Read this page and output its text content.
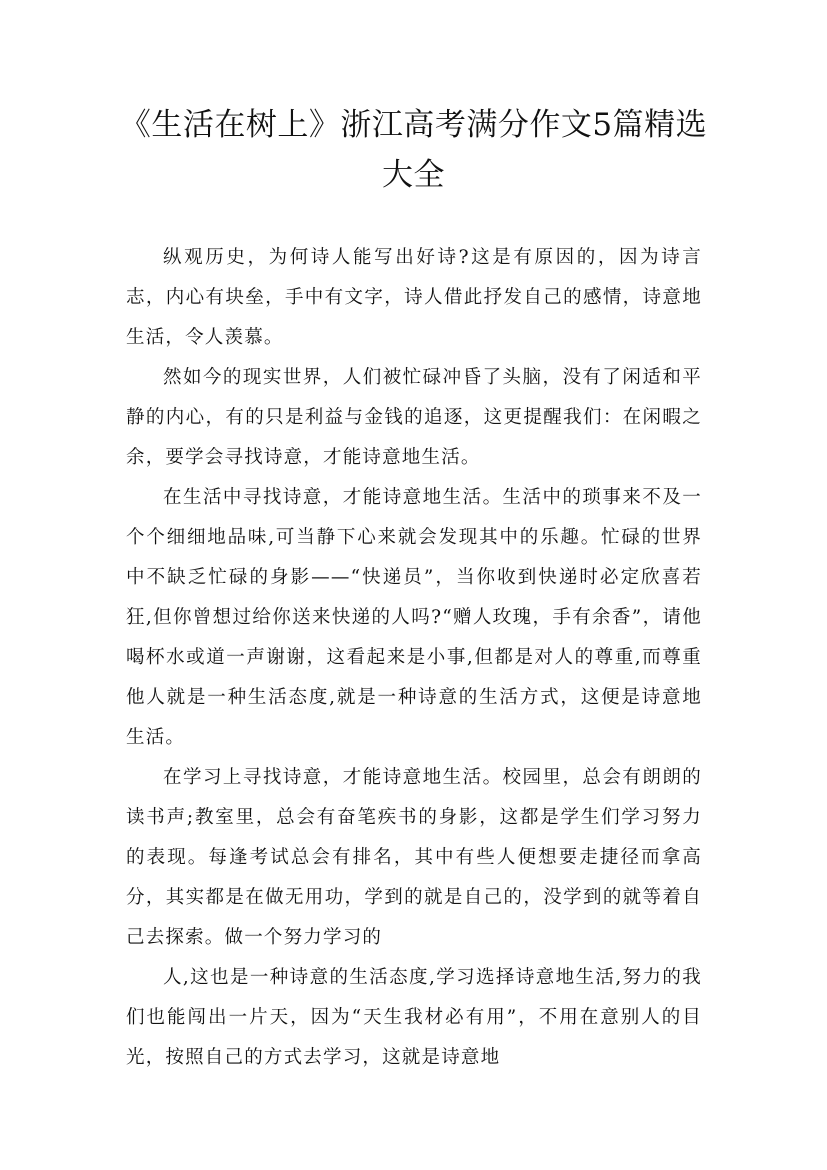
《生活在树上》浙江高考满分作文5篇精选
大全

纵观历史，为何诗人能写出好诗?这是有原因的，因为诗言志，内心有块垒，手中有文字，诗人借此抒发自己的感情，诗意地生活，令人羡慕。

然如今的现实世界，人们被忙碌冲昏了头脑，没有了闲适和平静的内心，有的只是利益与金钱的追逐，这更提醒我们：在闲暇之余，要学会寻找诗意，才能诗意地生活。

在生活中寻找诗意，才能诗意地生活。生活中的琐事来不及一个个细细地品味,可当静下心来就会发现其中的乐趣。忙碌的世界中不缺乏忙碌的身影——“快递员”，当你收到快递时必定欣喜若狂,但你曾想过给你送来快递的人吗?“赠人玫瑰，手有余香”，请他喝杯水或道一声谢谢，这看起来是小事,但都是对人的尊重,而尊重他人就是一种生活态度,就是一种诗意的生活方式，这便是诗意地生活。

在学习上寻找诗意，才能诗意地生活。校园里，总会有朗朗的读书声;教室里，总会有奋笔疾书的身影，这都是学生们学习努力的表现。每逢考试总会有排名，其中有些人便想要走捷径而拿高分，其实都是在做无用功，学到的就是自己的，没学到的就等着自己去探索。做一个努力学习的

人,这也是一种诗意的生活态度,学习选择诗意地生活,努力的我们也能闯出一片天，因为“天生我材必有用”，不用在意别人的目光，按照自己的方式去学习，这就是诗意地
